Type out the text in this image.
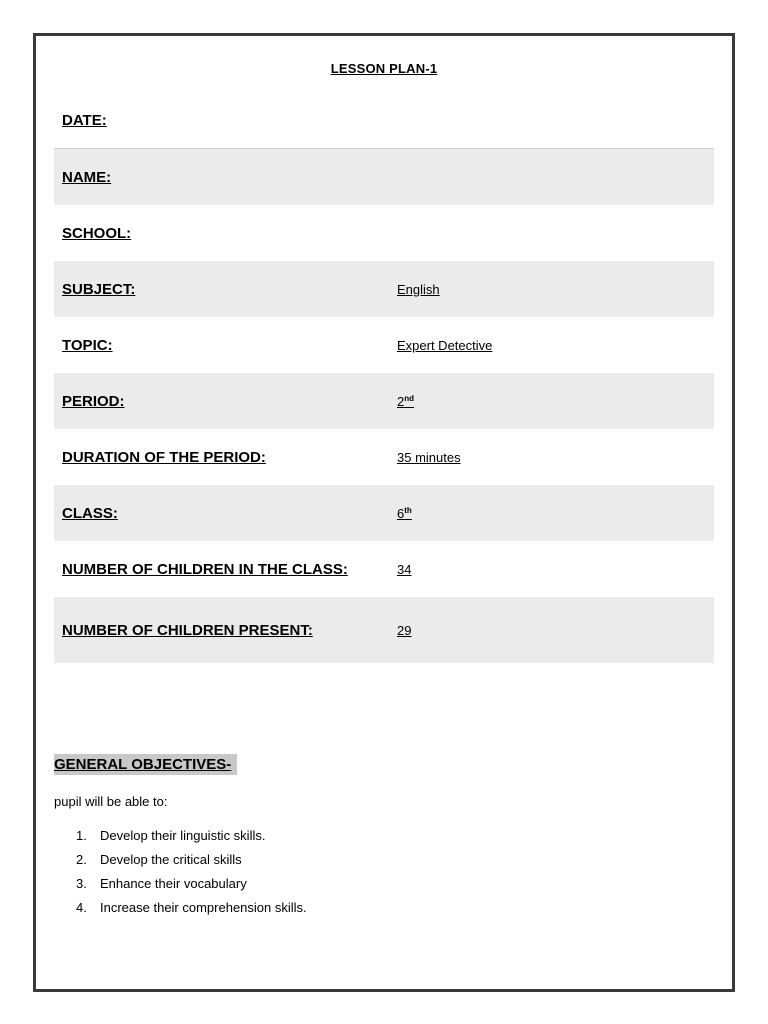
LESSON PLAN-1
DATE:
NAME:
SCHOOL:
SUBJECT:	English
TOPIC:	Expert Detective
PERIOD:	2nd
DURATION OF THE PERIOD:	35 minutes
CLASS:	6th
NUMBER OF CHILDREN IN THE CLASS:	34
NUMBER OF CHILDREN PRESENT:	29
GENERAL OBJECTIVES-
pupil will be able to:
1.	Develop their linguistic skills.
2.	Develop the critical skills
3.	Enhance their vocabulary
4.	Increase their comprehension skills.
